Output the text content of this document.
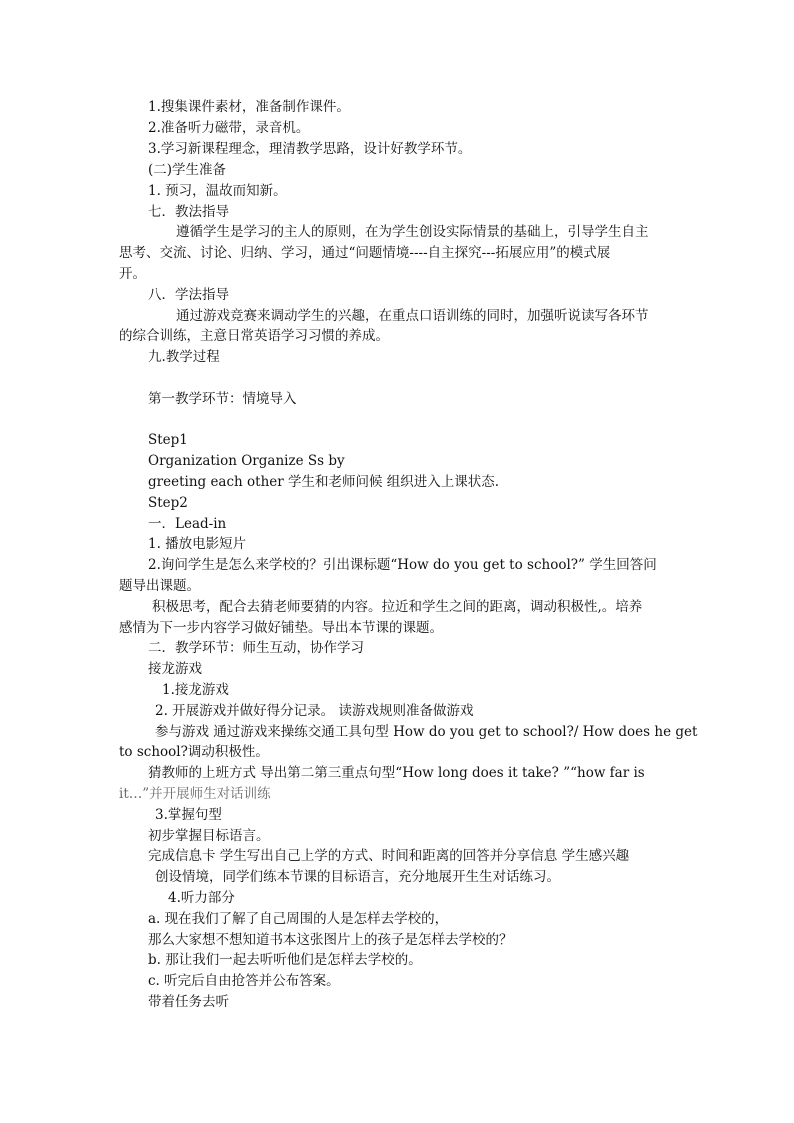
1.搜集课件素材，准备制作课件。
2.准备听力磁带，录音机。
3.学习新课程理念，理清教学思路，设计好教学环节。
(二)学生准备
1. 预习，温故而知新。
七．教法指导
遵循学生是学习的主人的原则，在为学生创设实际情景的基础上，引导学生自主
思考、交流、讨论、归纳、学习，通过“问题情境----自主探究---拓展应用”的模式展
开。
八．学法指导
通过游戏竞赛来调动学生的兴趣，在重点口语训练的同时，加强听说读写各环节
的综合训练，主意日常英语学习习惯的养成。
九.教学过程
第一教学环节：情境导入
Step1
Organization Organize Ss by
greeting each other 学生和老师问候 组织进入上课状态.
Step2
一．Lead-in
1. 播放电影短片
2.询问学生是怎么来学校的？引出课标题“How do you get to school?” 学生回答问
题导出课题。
积极思考，配合去猜老师要猜的内容。拉近和学生之间的距离，调动积极性,。培养
感情为下一步内容学习做好铺垫。导出本节课的课题。
二．教学环节：师生互动，协作学习
接龙游戏
1.接龙游戏
2. 开展游戏并做好得分记录。 读游戏规则准备做游戏
参与游戏 通过游戏来操练交通工具句型 How do you get to school?/ How does he get
to school?调动积极性。
猜教师的上班方式 导出第二第三重点句型“How long does it take? ”“how far is
it…”并开展师生对话训练
3.掌握句型
初步掌握目标语言。
完成信息卡 学生写出自己上学的方式、时间和距离的回答并分享信息 学生感兴趣
创设情境，同学们练本节课的目标语言，充分地展开生生对话练习。
4.听力部分
a. 现在我们了解了自己周围的人是怎样去学校的，
那么大家想不想知道书本这张图片上的孩子是怎样去学校的？
b. 那让我们一起去听听他们是怎样去学校的。
c. 听完后自由抢答并公布答案。
带着任务去听
